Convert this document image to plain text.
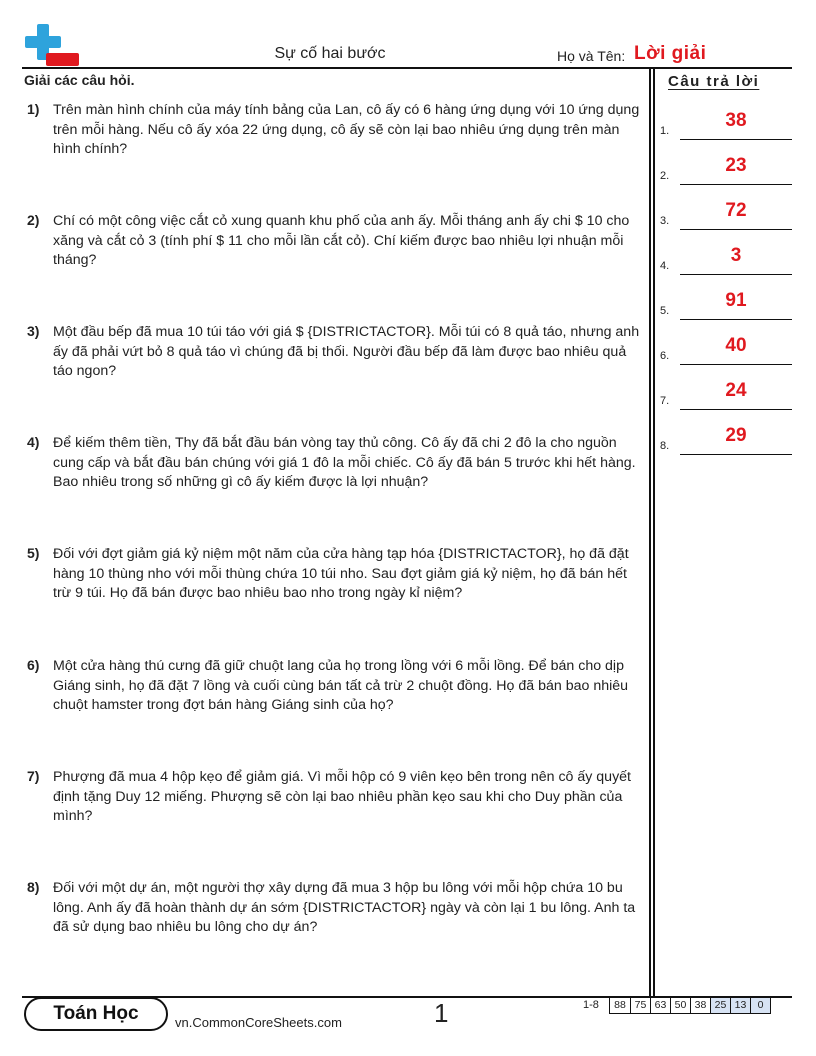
Sự cố hai bước	Họ và Tên: Lời giải
Giải các câu hỏi.	Câu trả lời
1.	38
2.	23
3.	72
4.	3
5.	91
6.	40
7.	24
8.	29
1) Trên màn hình chính của máy tính bảng của Lan, cô ấy có 6 hàng ứng dụng với 10 ứng dụng trên mỗi hàng. Nếu cô ấy xóa 22 ứng dụng, cô ấy sẽ còn lại bao nhiêu ứng dụng trên màn hình chính?
2) Chí có một công việc cắt cỏ xung quanh khu phố của anh ấy. Mỗi tháng anh ấy chi $ 10 cho xăng và cắt cỏ 3 (tính phí $ 11 cho mỗi lần cắt cỏ). Chí kiếm được bao nhiêu lợi nhuận mỗi tháng?
3) Một đầu bếp đã mua 10 túi táo với giá $ {DISTRICTACTOR}. Mỗi túi có 8 quả táo, nhưng anh ấy đã phải vứt bỏ 8 quả táo vì chúng đã bị thối. Người đầu bếp đã làm được bao nhiêu quả táo ngon?
4) Để kiếm thêm tiền, Thy đã bắt đầu bán vòng tay thủ công. Cô ấy đã chi 2 đô la cho nguồn cung cấp và bắt đầu bán chúng với giá 1 đô la mỗi chiếc. Cô ấy đã bán 5 trước khi hết hàng. Bao nhiêu trong số những gì cô ấy kiếm được là lợi nhuận?
5) Đối với đợt giảm giá kỷ niệm một năm của cửa hàng tạp hóa {DISTRICTACTOR}, họ đã đặt hàng 10 thùng nho với mỗi thùng chứa 10 túi nho. Sau đợt giảm giá kỷ niệm, họ đã bán hết trừ 9 túi. Họ đã bán được bao nhiêu bao nho trong ngày kỉ niệm?
6) Một cửa hàng thú cưng đã giữ chuột lang của họ trong lồng với 6 mỗi lồng. Để bán cho dịp Giáng sinh, họ đã đặt 7 lồng và cuối cùng bán tất cả trừ 2 chuột đồng. Họ đã bán bao nhiêu chuột hamster trong đợt bán hàng Giáng sinh của họ?
7) Phượng đã mua 4 hộp kẹo để giảm giá. Vì mỗi hộp có 9 viên kẹo bên trong nên cô ấy quyết định tặng Duy 12 miếng. Phượng sẽ còn lại bao nhiêu phần kẹo sau khi cho Duy phần của mình?
8) Đối với một dự án, một người thợ xây dựng đã mua 3 hộp bu lông với mỗi hộp chứa 10 bu lông. Anh ấy đã hoàn thành dự án sớm {DISTRICTACTOR} ngày và còn lại 1 bu lông. Anh ta đã sử dụng bao nhiêu bu lông cho dự án?
Toán Học	vn.CommonCoreSheets.com	1	1-8	88 75 63 50 38 25 13	0
